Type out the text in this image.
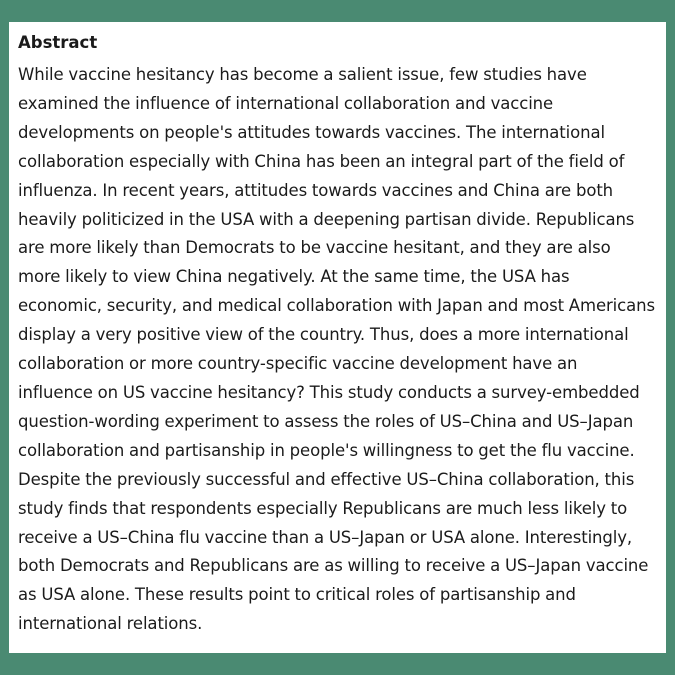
Abstract

While vaccine hesitancy has become a salient issue, few studies have examined the influence of international collaboration and vaccine developments on people's attitudes towards vaccines. The international collaboration especially with China has been an integral part of the field of influenza. In recent years, attitudes towards vaccines and China are both heavily politicized in the USA with a deepening partisan divide. Republicans are more likely than Democrats to be vaccine hesitant, and they are also more likely to view China negatively. At the same time, the USA has economic, security, and medical collaboration with Japan and most Americans display a very positive view of the country. Thus, does a more international collaboration or more country-specific vaccine development have an influence on US vaccine hesitancy? This study conducts a survey-embedded question-wording experiment to assess the roles of US–China and US–Japan collaboration and partisanship in people's willingness to get the flu vaccine. Despite the previously successful and effective US–China collaboration, this study finds that respondents especially Republicans are much less likely to receive a US–China flu vaccine than a US–Japan or USA alone. Interestingly, both Democrats and Republicans are as willing to receive a US–Japan vaccine as USA alone. These results point to critical roles of partisanship and international relations.
